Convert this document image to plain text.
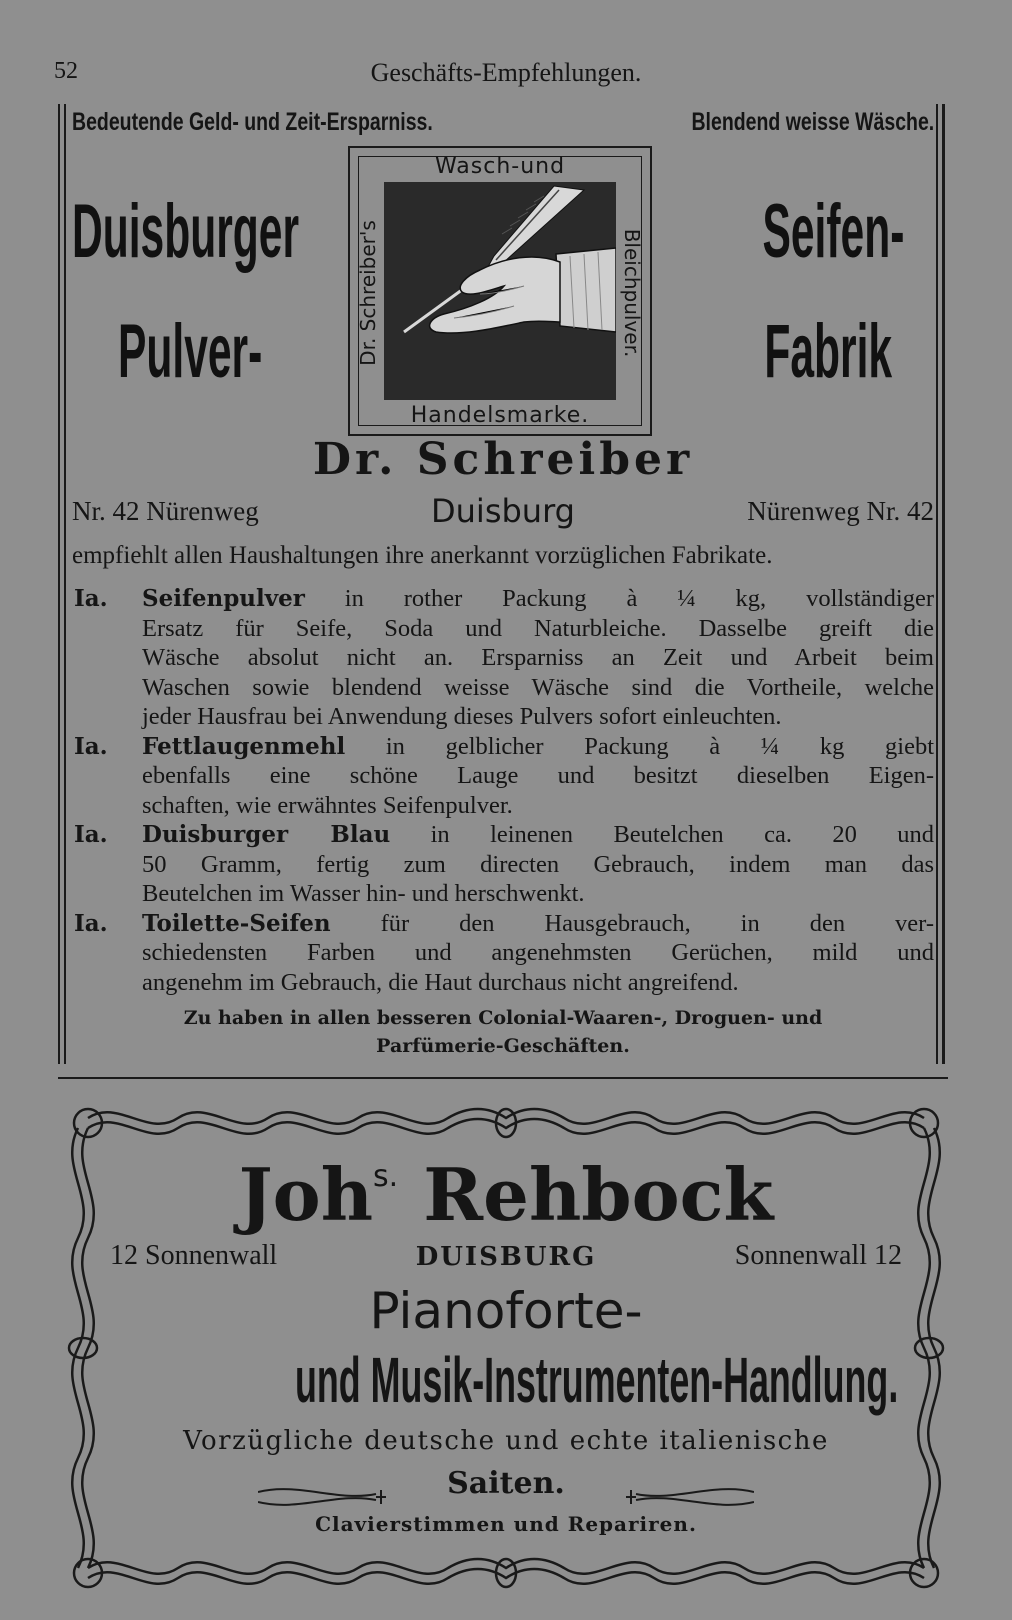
52	Geschäfts-Empfehlungen.
Bedeutende Geld- und Zeit-Ersparniss.	Blendend weisse Wäsche.
Duisburger
Pulver-
Seifen-
Fabrik
Wasch-und
Dr. Schreiber's	Bleichpulver.
Handelsmarke.
Dr. Schreiber
Nr. 42 Nürenweg	Duisburg	Nürenweg Nr. 42
empfiehlt allen Haushaltungen ihre anerkannt vorzüglichen Fabrikate.
Ia. Seifenpulver in rother Packung à ¼ kg, vollständiger
Ersatz für Seife, Soda und Naturbleiche. Dasselbe greift die
Wäsche absolut nicht an. Ersparniss an Zeit und Arbeit beim
Waschen sowie blendend weisse Wäsche sind die Vortheile, welche
jeder Hausfrau bei Anwendung dieses Pulvers sofort einleuchten.
Ia. Fettlaugenmehl in gelblicher Packung à ¼ kg giebt
ebenfalls eine schöne Lauge und besitzt dieselben Eigen-
schaften, wie erwähntes Seifenpulver.
Ia. Duisburger Blau in leinenen Beutelchen ca. 20 und
50 Gramm, fertig zum directen Gebrauch, indem man das
Beutelchen im Wasser hin- und herschwenkt.
Ia. Toilette-Seifen für den Hausgebrauch, in den ver-
schiedensten Farben und angenehmsten Gerüchen, mild und
angenehm im Gebrauch, die Haut durchaus nicht angreifend.
Zu haben in allen besseren Colonial-Waaren-, Droguen- und
Parfümerie-Geschäften.
Joh$^{s.}$ Rehbock
12 Sonnenwall	DUISBURG	Sonnenwall 12
Pianoforte-
und Musik-Instrumenten-Handlung.
Vorzügliche deutsche und echte italienische
Saiten.
Clavierstimmen und Repariren.
